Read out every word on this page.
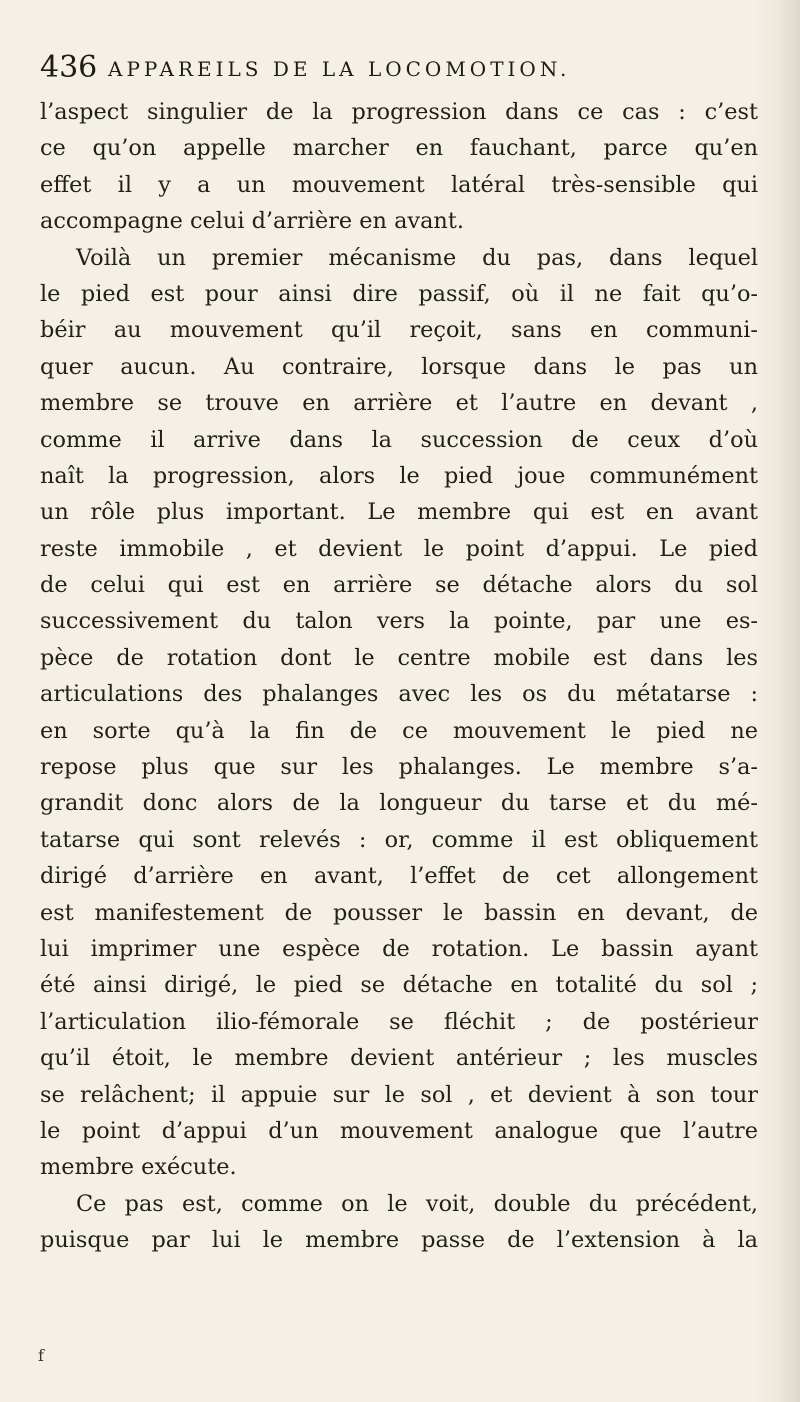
436 APPAREILS DE LA LOCOMOTION.
l’aspect singulier de la progression dans ce cas : c’est
ce qu’on appelle marcher en fauchant, parce qu’en
effet il y a un mouvement latéral très-sensible qui
accompagne celui d’arrière en avant.
Voilà un premier mécanisme du pas, dans lequel
le pied est pour ainsi dire passif, où il ne fait qu’o-
béir au mouvement qu’il reçoit, sans en communi-
quer aucun. Au contraire, lorsque dans le pas un
membre se trouve en arrière et l’autre en devant ,
comme il arrive dans la succession de ceux d’où
naît la progression, alors le pied joue communément
un rôle plus important. Le membre qui est en avant
reste immobile , et devient le point d’appui. Le pied
de celui qui est en arrière se détache alors du sol
successivement du talon vers la pointe, par une es-
pèce de rotation dont le centre mobile est dans les
articulations des phalanges avec les os du métatarse :
en sorte qu’à la fin de ce mouvement le pied ne
repose plus que sur les phalanges. Le membre s’a-
grandit donc alors de la longueur du tarse et du mé-
tatarse qui sont relevés : or, comme il est obliquement
dirigé d’arrière en avant, l’effet de cet allongement
est manifestement de pousser le bassin en devant, de
lui imprimer une espèce de rotation. Le bassin ayant
été ainsi dirigé, le pied se détache en totalité du sol ;
l’articulation ilio-fémorale se fléchit ; de postérieur
qu’il étoit, le membre devient antérieur ; les muscles
se relâchent; il appuie sur le sol , et devient à son tour
le point d’appui d’un mouvement analogue que l’autre
membre exécute.
Ce pas est, comme on le voit, double du précédent,
puisque par lui le membre passe de l’extension à la
f
